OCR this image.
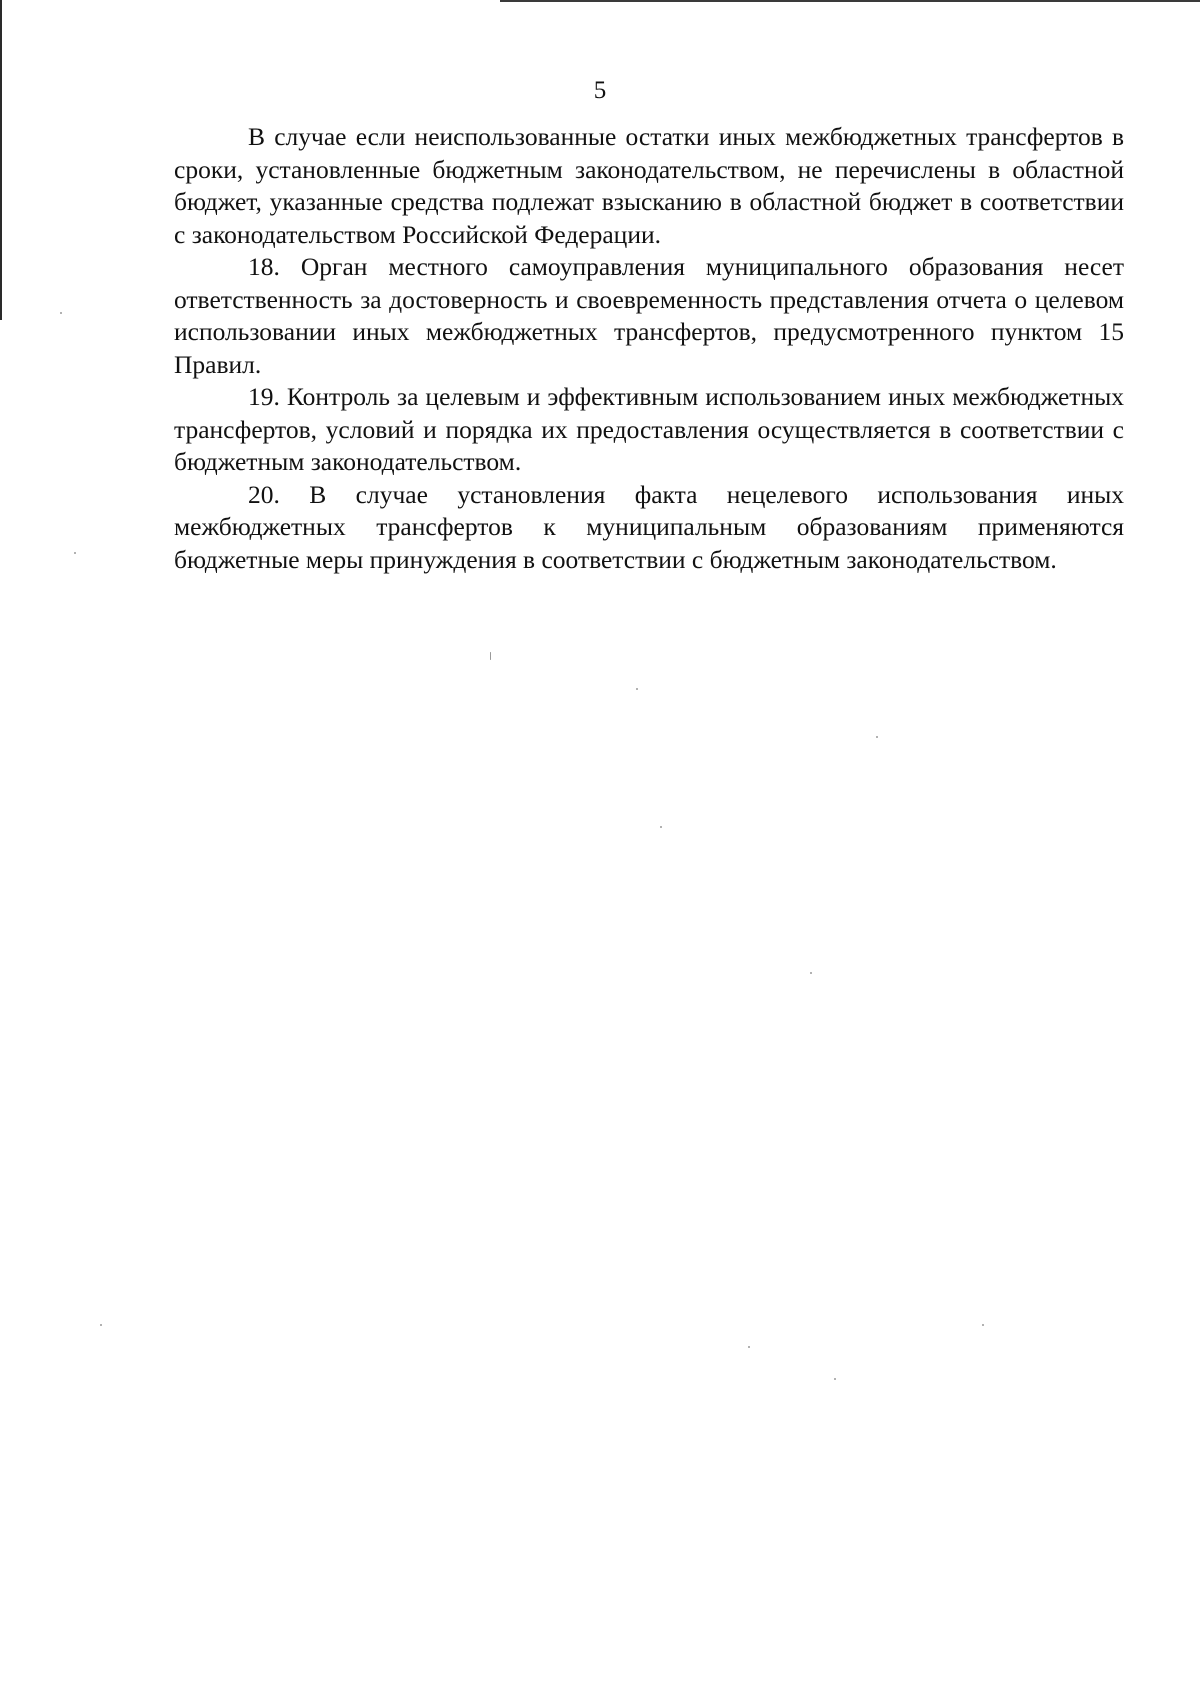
5

В случае если неиспользованные остатки иных межбюджетных трансфертов в сроки, установленные бюджетным законодательством, не перечислены в областной бюджет, указанные средства подлежат взысканию в областной бюджет в соответствии с законодательством Российской Федерации.

18. Орган местного самоуправления муниципального образования несет ответственность за достоверность и своевременность представления отчета о целевом использовании иных межбюджетных трансфертов, предусмотренного пунктом 15 Правил.

19. Контроль за целевым и эффективным использованием иных межбюджетных трансфертов, условий и порядка их предоставления осуществляется в соответствии с бюджетным законодательством.

20. В случае установления факта нецелевого использования иных межбюджетных трансфертов к муниципальным образованиям применяются бюджетные меры принуждения в соответствии с бюджетным законодательством.
